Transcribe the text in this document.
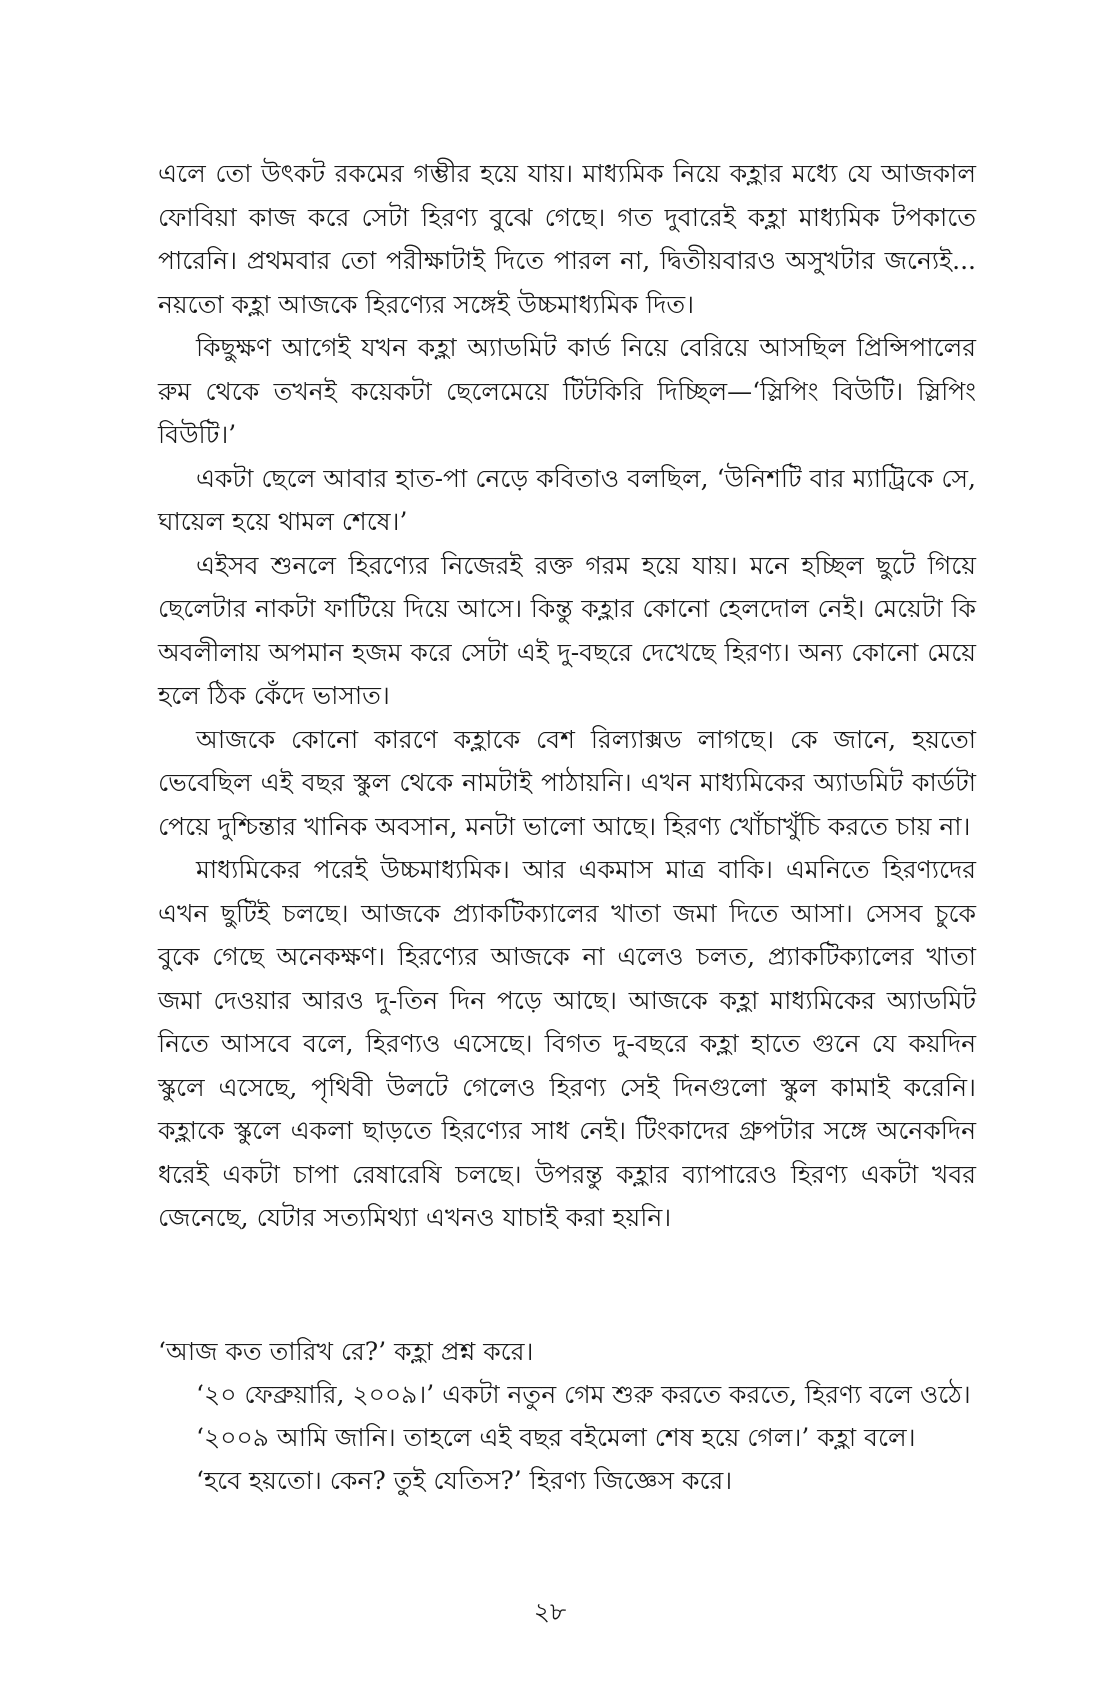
এলে তো উৎকট রকমের গম্ভীর হয়ে যায়। মাধ্যমিক নিয়ে কহ্লার মধ্যে যে আজকাল ফোবিয়া কাজ করে সেটা হিরণ্য বুঝে গেছে। গত দুবারেই কহ্লা মাধ্যমিক টপকাতে পারেনি। প্রথমবার তো পরীক্ষাটাই দিতে পারল না, দ্বিতীয়বারও অসুখটার জন্যেই... নয়তো কহ্লা আজকে হিরণ্যের সঙ্গেই উচ্চমাধ্যমিক দিত।

কিছুক্ষণ আগেই যখন কহ্লা অ্যাডমিট কার্ড নিয়ে বেরিয়ে আসছিল প্রিন্সিপালের রুম থেকে তখনই কয়েকটা ছেলেমেয়ে টিটকিরি দিচ্ছিল—‘স্লিপিং বিউটি। স্লিপিং বিউটি।’

একটা ছেলে আবার হাত-পা নেড়ে কবিতাও বলছিল, ‘উনিশটি বার ম্যাট্রিকে সে, ঘায়েল হয়ে থামল শেষে।’

এইসব শুনলে হিরণ্যের নিজেরই রক্ত গরম হয়ে যায়। মনে হচ্ছিল ছুটে গিয়ে ছেলেটার নাকটা ফাটিয়ে দিয়ে আসে। কিন্তু কহ্লার কোনো হেলদোল নেই। মেয়েটা কি অবলীলায় অপমান হজম করে সেটা এই দু-বছরে দেখেছে হিরণ্য। অন্য কোনো মেয়ে হলে ঠিক কেঁদে ভাসাত।

আজকে কোনো কারণে কহ্লাকে বেশ রিল্যাক্সড লাগছে। কে জানে, হয়তো ভেবেছিল এই বছর স্কুল থেকে নামটাই পাঠায়নি। এখন মাধ্যমিকের অ্যাডমিট কার্ডটা পেয়ে দুশ্চিন্তার খানিক অবসান, মনটা ভালো আছে। হিরণ্য খোঁচাখুঁচি করতে চায় না।

মাধ্যমিকের পরেই উচ্চমাধ্যমিক। আর একমাস মাত্র বাকি। এমনিতে হিরণ্যদের এখন ছুটিই চলছে। আজকে প্র্যাকটিক্যালের খাতা জমা দিতে আসা। সেসব চুকে বুকে গেছে অনেকক্ষণ। হিরণ্যের আজকে না এলেও চলত, প্র্যাকটিক্যালের খাতা জমা দেওয়ার আরও দু-তিন দিন পড়ে আছে। আজকে কহ্লা মাধ্যমিকের অ্যাডমিট নিতে আসবে বলে, হিরণ্যও এসেছে। বিগত দু-বছরে কহ্লা হাতে গুনে যে কয়দিন স্কুলে এসেছে, পৃথিবী উলটে গেলেও হিরণ্য সেই দিনগুলো স্কুল কামাই করেনি। কহ্লাকে স্কুলে একলা ছাড়তে হিরণ্যের সাধ নেই। টিংকাদের গ্রুপটার সঙ্গে অনেকদিন ধরেই একটা চাপা রেষারেষি চলছে। উপরন্তু কহ্লার ব্যাপারেও হিরণ্য একটা খবর জেনেছে, যেটার সত্যমিথ্যা এখনও যাচাই করা হয়নি।

‘আজ কত তারিখ রে?’ কহ্লা প্রশ্ন করে।

‘২০ ফেব্রুয়ারি, ২০০৯।’ একটা নতুন গেম শুরু করতে করতে, হিরণ্য বলে ওঠে।

‘২০০৯ আমি জানি। তাহলে এই বছর বইমেলা শেষ হয়ে গেল।’ কহ্লা বলে।

‘হবে হয়তো। কেন? তুই যেতিস?’ হিরণ্য জিজ্ঞেস করে।

২৮
